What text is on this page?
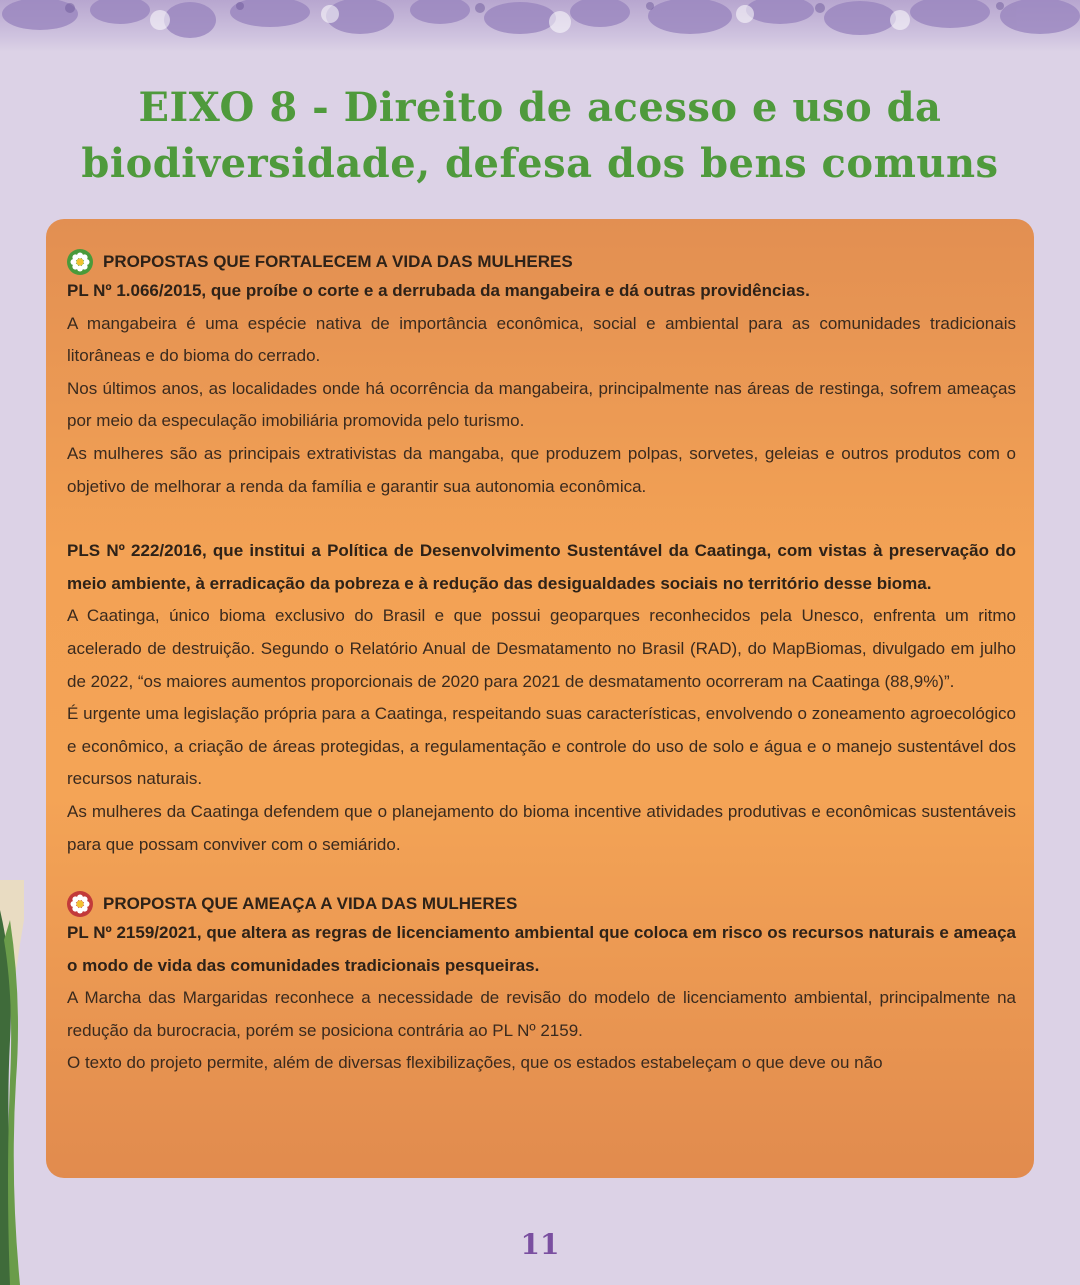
EIXO 8 - Direito de acesso e uso da
biodiversidade, defesa dos bens comuns
PROPOSTAS QUE FORTALECEM A VIDA DAS MULHERES

PL Nº 1.066/2015, que proíbe o corte e a derrubada da mangabeira e dá outras providências.

A mangabeira é uma espécie nativa de importância econômica, social e ambiental para as comunidades tradicionais litorâneas e do bioma do cerrado.

Nos últimos anos, as localidades onde há ocorrência da mangabeira, principalmente nas áreas de restinga, sofrem ameaças por meio da especulação imobiliária promovida pelo turismo.

As mulheres são as principais extrativistas da mangaba, que produzem polpas, sorvetes, geleias e outros produtos com o objetivo de melhorar a renda da família e garantir sua autonomia econômica.

PLS Nº 222/2016, que institui a Política de Desenvolvimento Sustentável da Caatinga, com vistas à preservação do meio ambiente, à erradicação da pobreza e à redução das desigualdades sociais no território desse bioma.

A Caatinga, único bioma exclusivo do Brasil e que possui geoparques reconhecidos pela Unesco, enfrenta um ritmo acelerado de destruição. Segundo o Relatório Anual de Desmatamento no Brasil (RAD), do MapBiomas, divulgado em julho de 2022, “os maiores aumentos proporcionais de 2020 para 2021 de desmatamento ocorreram na Caatinga (88,9%)”.

É urgente uma legislação própria para a Caatinga, respeitando suas características, envolvendo o zoneamento agroecológico e econômico, a criação de áreas protegidas, a regulamentação e controle do uso de solo e água e o manejo sustentável dos recursos naturais.

As mulheres da Caatinga defendem que o planejamento do bioma incentive atividades produtivas e econômicas sustentáveis para que possam conviver com o semiárido.

PROPOSTA QUE AMEAÇA A VIDA DAS MULHERES

PL Nº 2159/2021, que altera as regras de licenciamento ambiental que coloca em risco os recursos naturais e ameaça o modo de vida das comunidades tradicionais pesqueiras.

A Marcha das Margaridas reconhece a necessidade de revisão do modelo de licenciamento ambiental, principalmente na redução da burocracia, porém se posiciona contrária ao PL Nº 2159.

O texto do projeto permite, além de diversas flexibilizações, que os estados estabeleçam o que deve ou não

11
